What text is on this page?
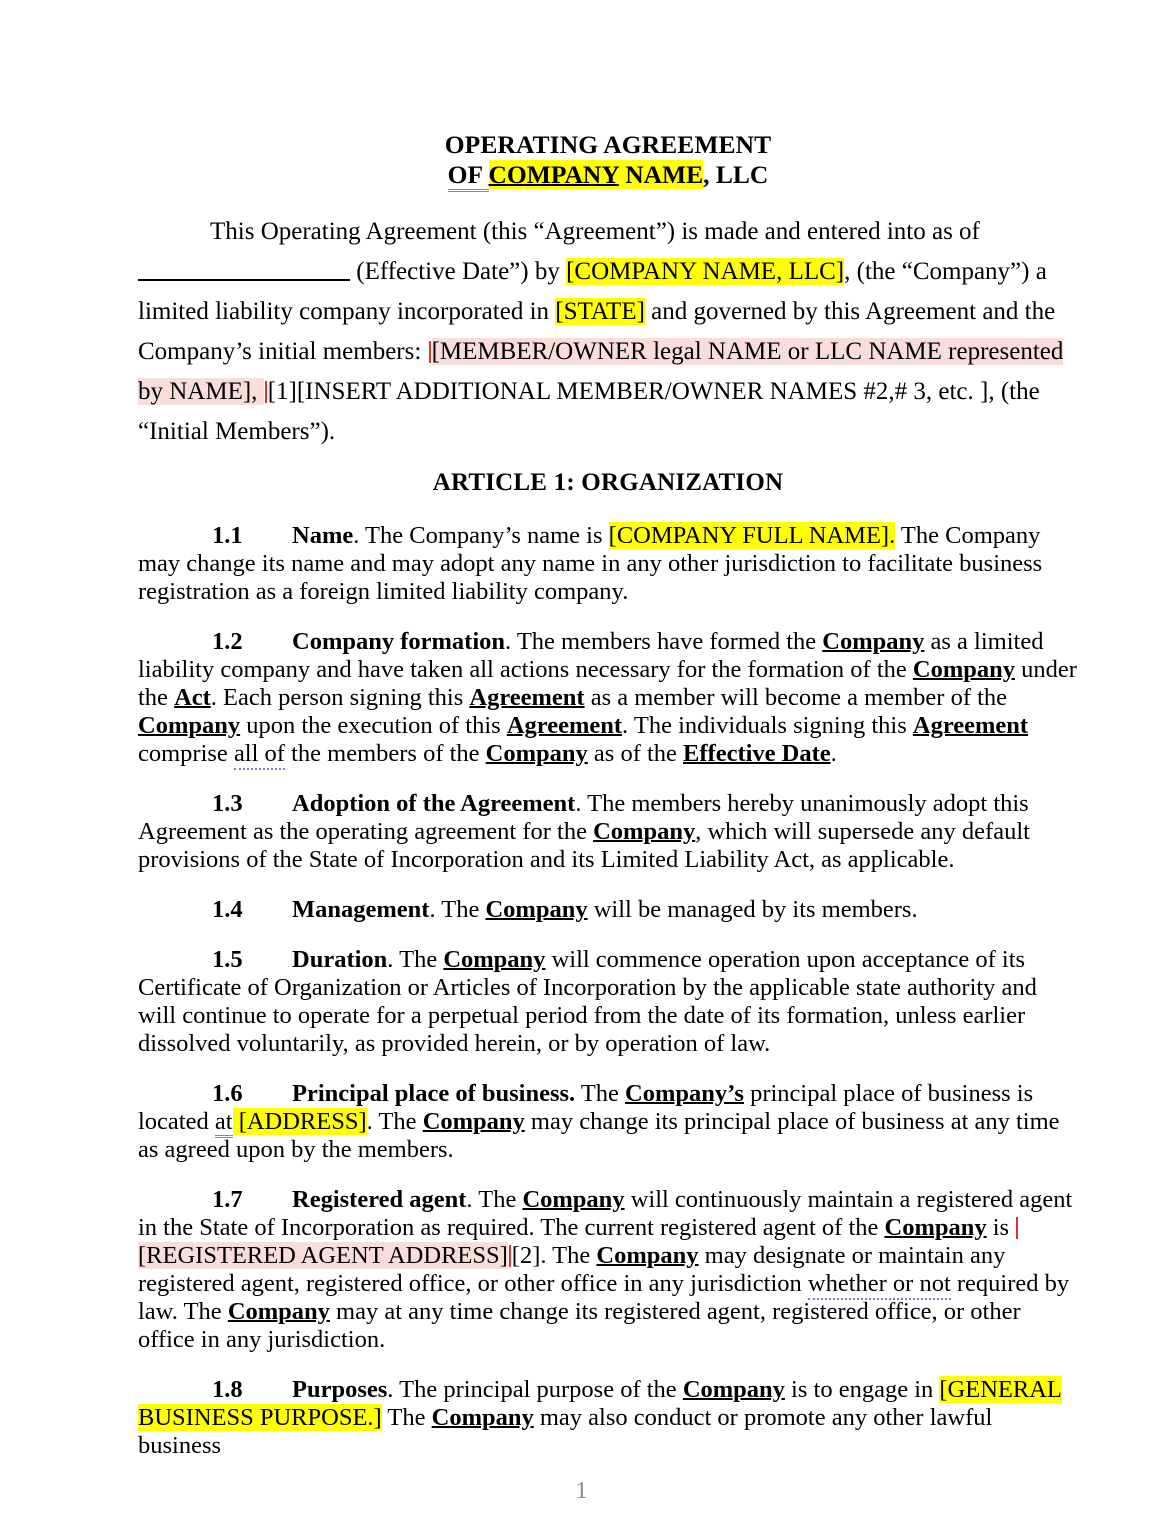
OPERATING AGREEMENT
OF COMPANY NAME, LLC
This Operating Agreement (this “Agreement”) is made and entered into as of  (Effective Date”) by [COMPANY NAME, LLC], (the “Company”) a limited liability company incorporated in [STATE] and governed by this Agreement and the Company’s initial members: [MEMBER/OWNER legal NAME or LLC NAME represented by NAME], [1][INSERT ADDITIONAL MEMBER/OWNER NAMES #2,# 3, etc. ], (the “Initial Members”).
ARTICLE 1: ORGANIZATION
1.1 Name. The Company’s name is [COMPANY FULL NAME]. The Company may change its name and may adopt any name in any other jurisdiction to facilitate business registration as a foreign limited liability company.
1.2 Company formation. The members have formed the Company as a limited liability company and have taken all actions necessary for the formation of the Company under the Act. Each person signing this Agreement as a member will become a member of the Company upon the execution of this Agreement. The individuals signing this Agreement comprise all of the members of the Company as of the Effective Date.
1.3 Adoption of the Agreement. The members hereby unanimously adopt this Agreement as the operating agreement for the Company, which will supersede any default provisions of the State of Incorporation and its Limited Liability Act, as applicable.
1.4 Management. The Company will be managed by its members.
1.5 Duration. The Company will commence operation upon acceptance of its Certificate of Organization or Articles of Incorporation by the applicable state authority and will continue to operate for a perpetual period from the date of its formation, unless earlier dissolved voluntarily, as provided herein, or by operation of law.
1.6 Principal place of business. The Company’s principal place of business is located at [ADDRESS]. The Company may change its principal place of business at any time as agreed upon by the members.
1.7 Registered agent. The Company will continuously maintain a registered agent in the State of Incorporation as required. The current registered agent of the Company is [REGISTERED AGENT ADDRESS] [2]. The Company may designate or maintain any registered agent, registered office, or other office in any jurisdiction whether or not required by law. The Company may at any time change its registered agent, registered office, or other office in any jurisdiction.
1.8 Purposes. The principal purpose of the Company is to engage in [GENERAL BUSINESS PURPOSE.] The Company may also conduct or promote any other lawful business
1
